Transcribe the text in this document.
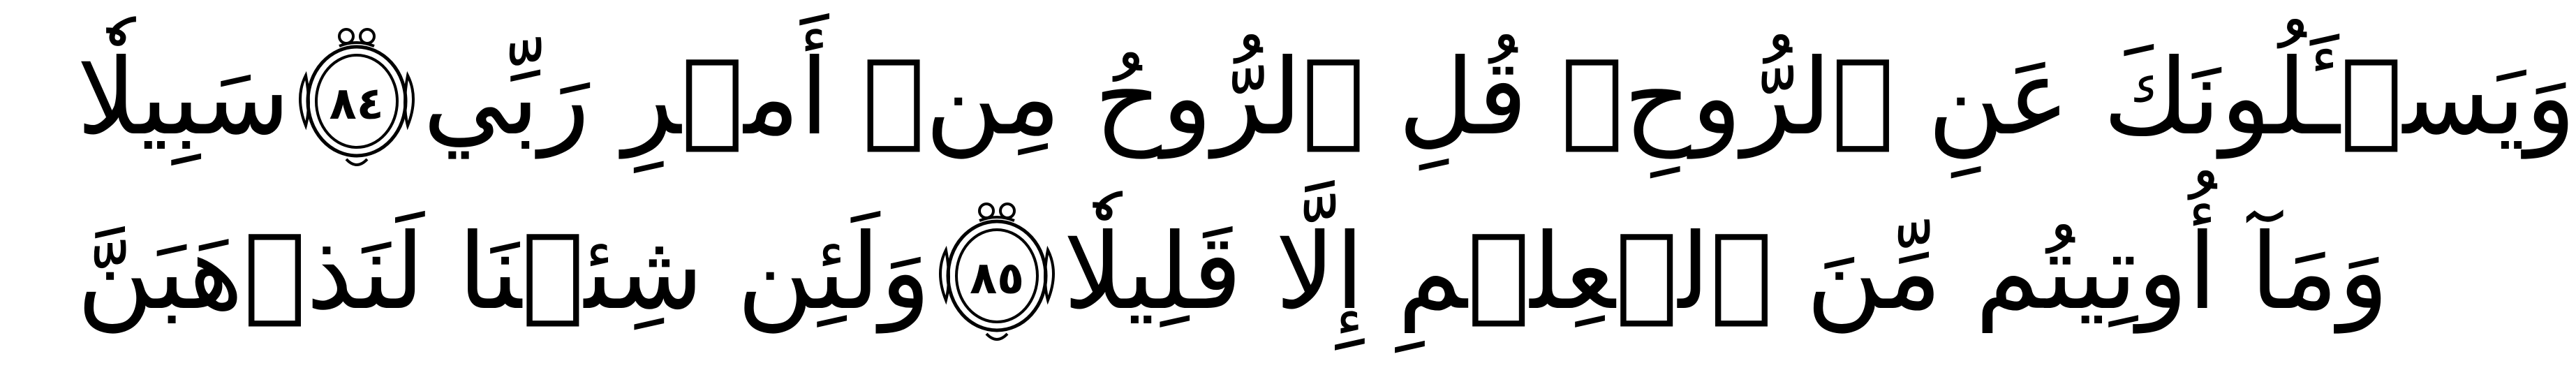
سَبِيلٗا ٨٤ وَيَسۡـَٔلُونَكَ عَنِ ٱلرُّوحِۖ قُلِ ٱلرُّوحُ مِنۡ أَمۡرِ رَبِّي
وَلَئِن شِئۡنَا لَنَذۡهَبَنَّ ٨٥ وَمَآ أُوتِيتُم مِّنَ ٱلۡعِلۡمِ إِلَّا قَلِيلٗا
